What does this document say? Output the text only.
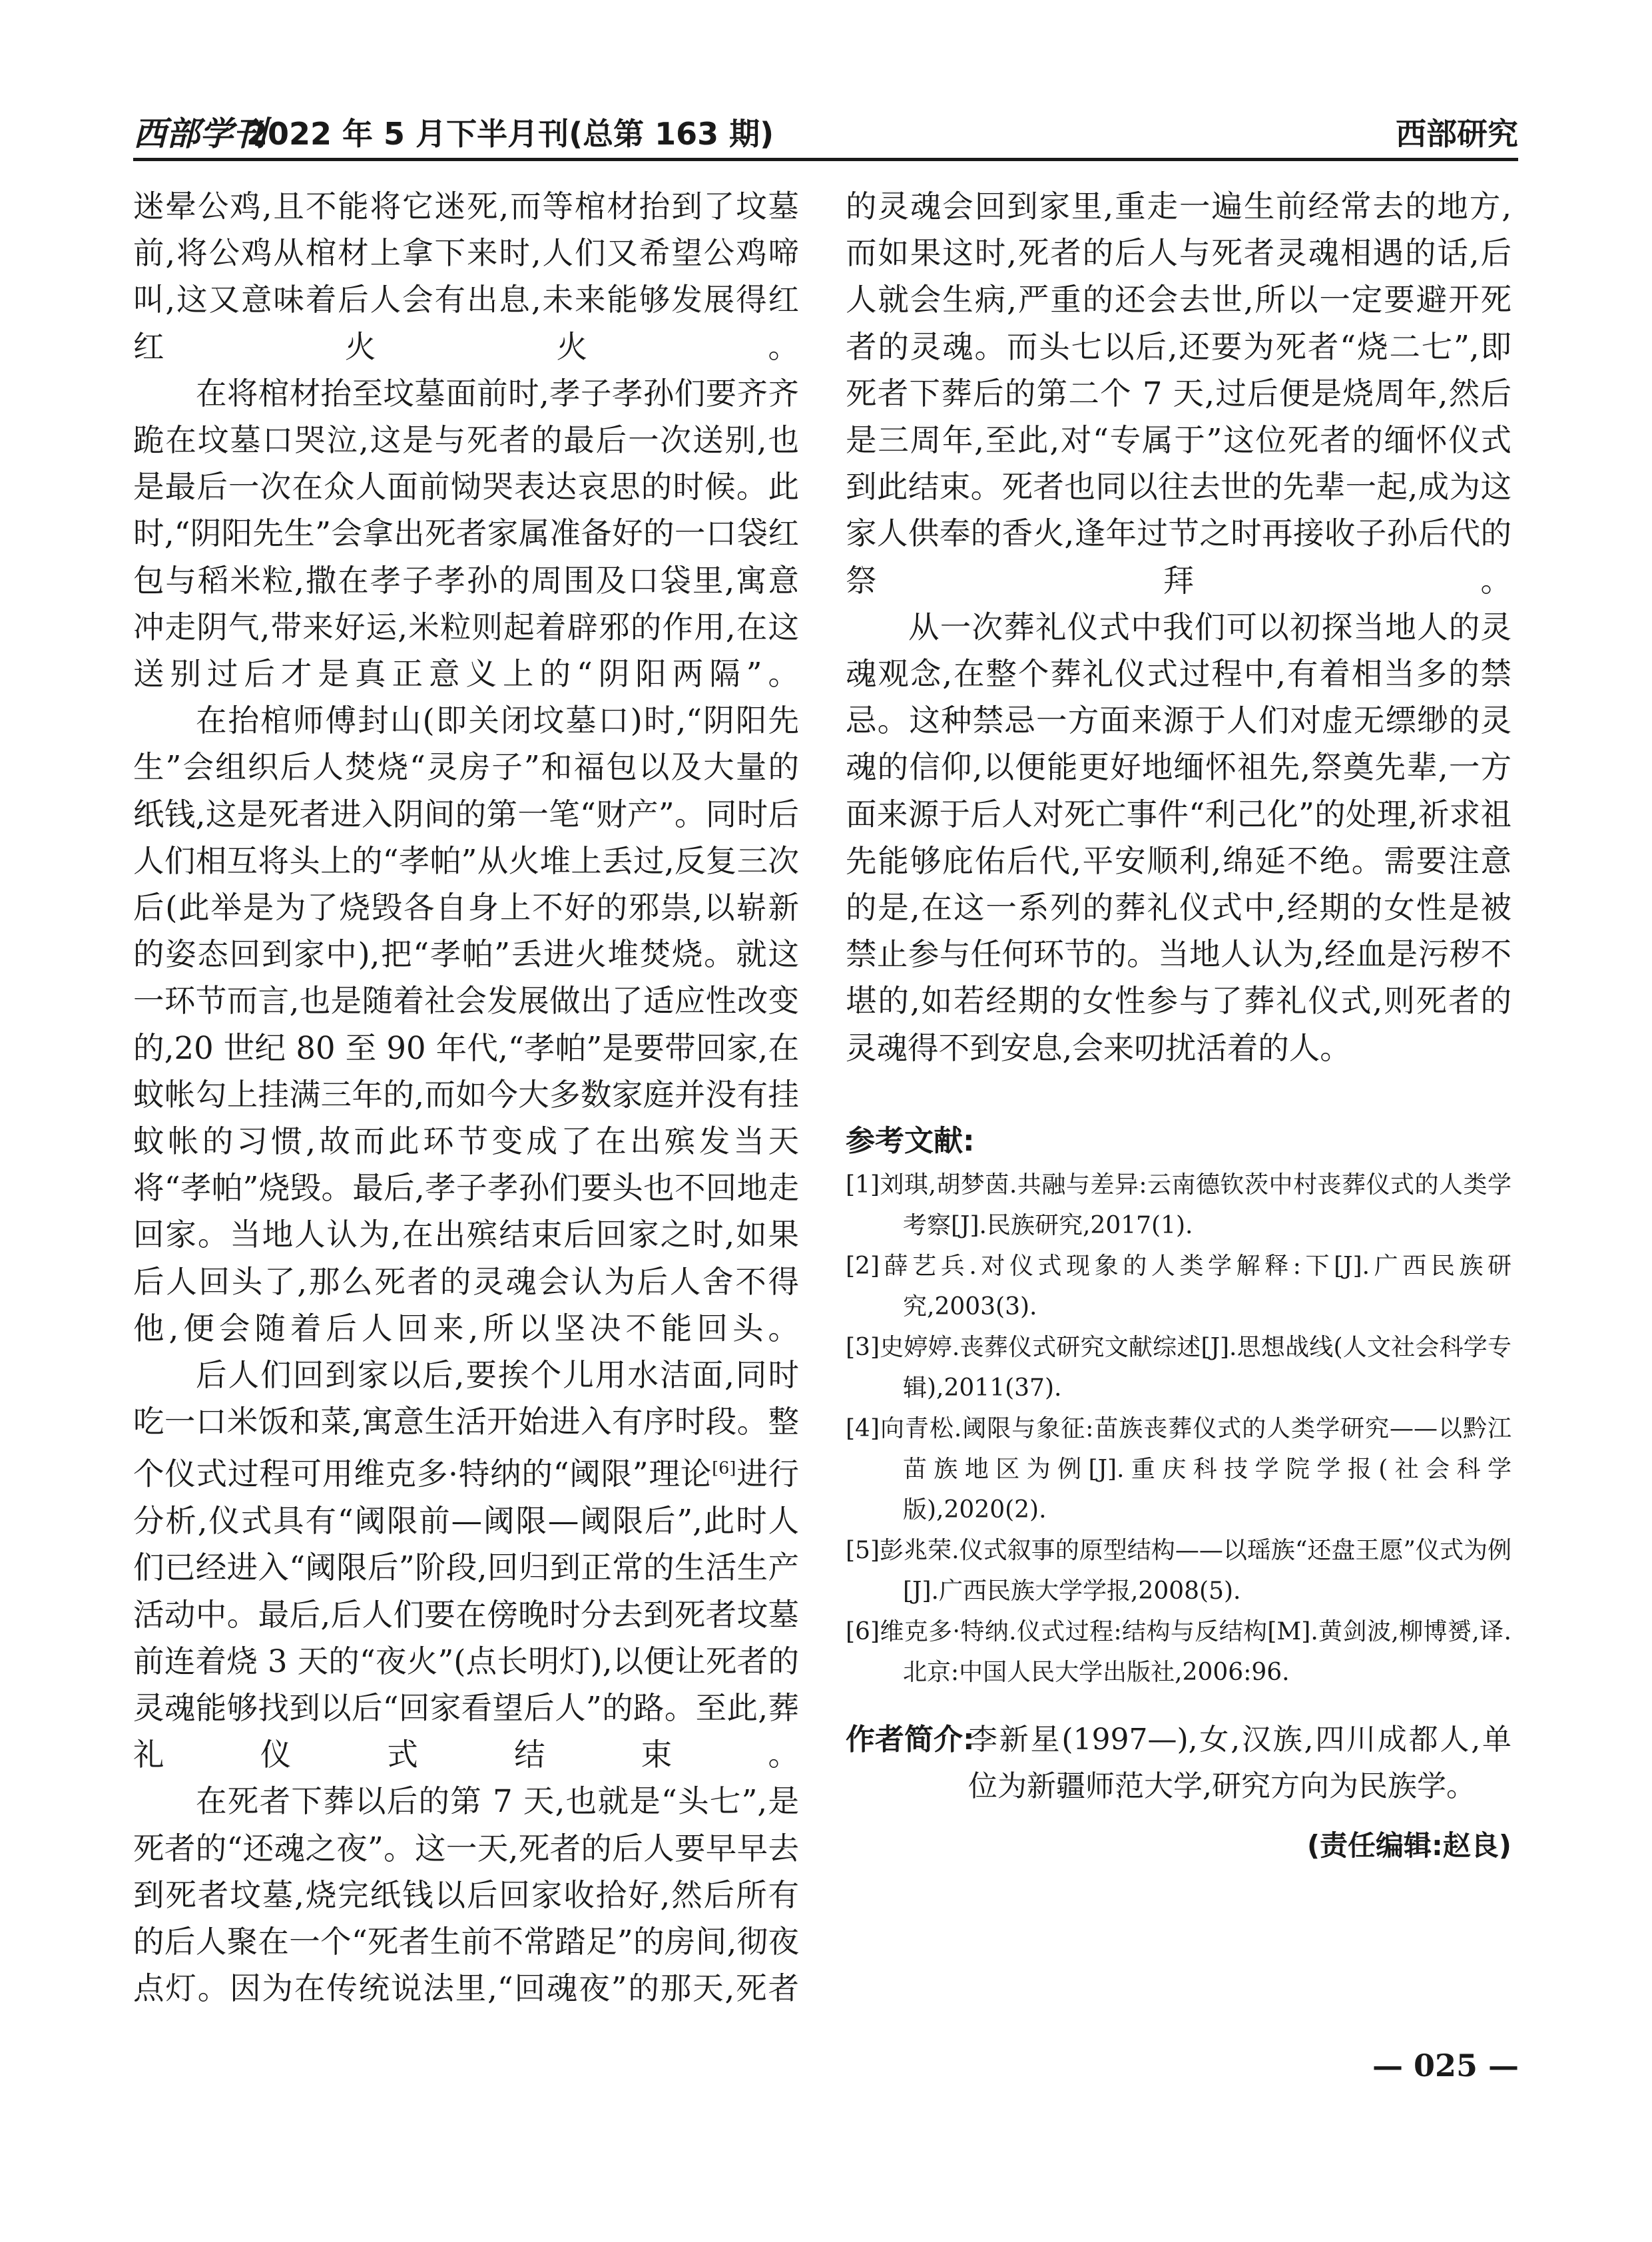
西部学刊
2022 年 5 月下半月刊(总第 163 期)	西部研究

迷晕公鸡,且不能将它迷死,而等棺材抬到了坟墓前,将公鸡从棺材上拿下来时,人们又希望公鸡啼叫,这又意味着后人会有出息,未来能够发展得红红火火。

在将棺材抬至坟墓面前时,孝子孝孙们要齐齐跪在坟墓口哭泣,这是与死者的最后一次送别,也是最后一次在众人面前恸哭表达哀思的时候。此时,“阴阳先生”会拿出死者家属准备好的一口袋红包与稻米粒,撒在孝子孝孙的周围及口袋里,寓意冲走阴气,带来好运,米粒则起着辟邪的作用,在这送别过后才是真正意义上的“阴阳两隔”。

在抬棺师傅封山(即关闭坟墓口)时,“阴阳先生”会组织后人焚烧“灵房子”和福包以及大量的纸钱,这是死者进入阴间的第一笔“财产”。同时后人们相互将头上的“孝帕”从火堆上丢过,反复三次后(此举是为了烧毁各自身上不好的邪祟,以崭新的姿态回到家中),把“孝帕”丢进火堆焚烧。就这一环节而言,也是随着社会发展做出了适应性改变的,20 世纪 80 至 90 年代,“孝帕”是要带回家,在蚊帐勾上挂满三年的,而如今大多数家庭并没有挂蚊帐的习惯,故而此环节变成了在出殡发当天将“孝帕”烧毁。最后,孝子孝孙们要头也不回地走回家。当地人认为,在出殡结束后回家之时,如果后人回头了,那么死者的灵魂会认为后人舍不得他,便会随着后人回来,所以坚决不能回头。

后人们回到家以后,要挨个儿用水洁面,同时吃一口米饭和菜,寓意生活开始进入有序时段。整个仪式过程可用维克多·特纳的“阈限”理论[6]进行分析,仪式具有“阈限前—阈限—阈限后”,此时人们已经进入“阈限后”阶段,回归到正常的生活生产活动中。最后,后人们要在傍晚时分去到死者坟墓前连着烧 3 天的“夜火”(点长明灯),以便让死者的灵魂能够找到以后“回家看望后人”的路。至此,葬礼仪式结束。

在死者下葬以后的第 7 天,也就是“头七”,是死者的“还魂之夜”。这一天,死者的后人要早早去到死者坟墓,烧完纸钱以后回家收拾好,然后所有的后人聚在一个“死者生前不常踏足”的房间,彻夜点灯。因为在传统说法里,“回魂夜”的那天,死者

的灵魂会回到家里,重走一遍生前经常去的地方,而如果这时,死者的后人与死者灵魂相遇的话,后人就会生病,严重的还会去世,所以一定要避开死者的灵魂。而头七以后,还要为死者“烧二七”,即死者下葬后的第二个 7 天,过后便是烧周年,然后是三周年,至此,对“专属于”这位死者的缅怀仪式到此结束。死者也同以往去世的先辈一起,成为这家人供奉的香火,逢年过节之时再接收子孙后代的祭拜。

从一次葬礼仪式中我们可以初探当地人的灵魂观念,在整个葬礼仪式过程中,有着相当多的禁忌。这种禁忌一方面来源于人们对虚无缥缈的灵魂的信仰,以便能更好地缅怀祖先,祭奠先辈,一方面来源于后人对死亡事件“利己化”的处理,祈求祖先能够庇佑后代,平安顺利,绵延不绝。需要注意的是,在这一系列的葬礼仪式中,经期的女性是被禁止参与任何环节的。当地人认为,经血是污秽不堪的,如若经期的女性参与了葬礼仪式,则死者的灵魂得不到安息,会来叨扰活着的人。

参考文献:

[1]刘琪,胡梦茵.共融与差异:云南德钦茨中村丧葬仪式的人类学考察[J].民族研究,2017(1).

[2]薛艺兵.对仪式现象的人类学解释:下[J].广西民族研究,2003(3).

[3]史婷婷.丧葬仪式研究文献综述[J].思想战线(人文社会科学专辑),2011(37).

[4]向青松.阈限与象征:苗族丧葬仪式的人类学研究——以黔江苗族地区为例[J].重庆科技学院学报(社会科学版),2020(2).

[5]彭兆荣.仪式叙事的原型结构——以瑶族“还盘王愿”仪式为例[J].广西民族大学学报,2008(5).

[6]维克多·特纳.仪式过程:结构与反结构[M].黄剑波,柳博赟,译.北京:中国人民大学出版社,2006:96.

作者简介:
李新星(1997—),女,汉族,四川成都人,单位为新疆师范大学,研究方向为民族学。
(责任编辑:赵良)
— 025 —
